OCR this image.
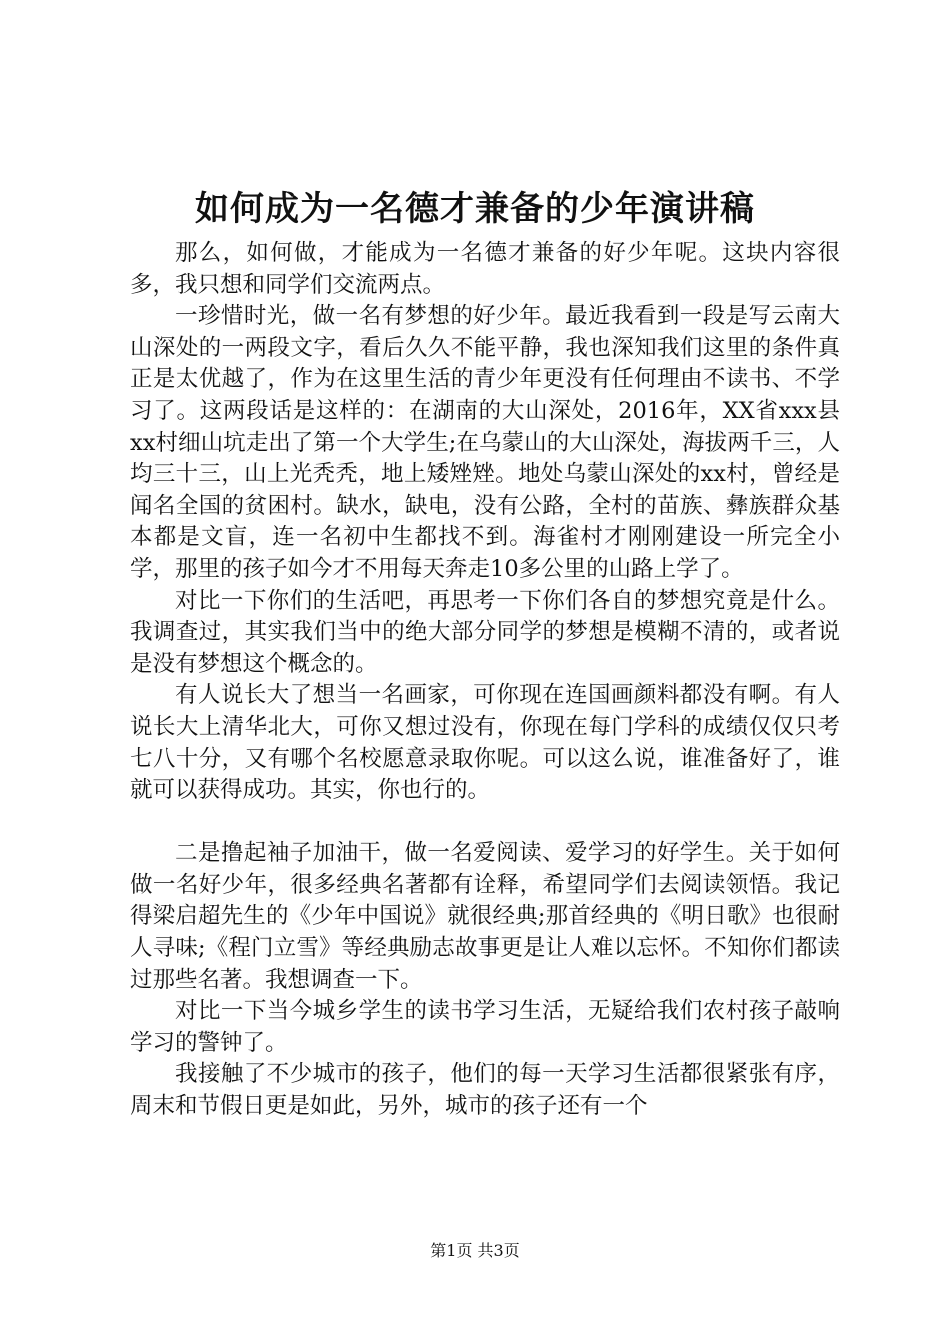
如何成为一名德才兼备的少年演讲稿

那么，如何做，才能成为一名德才兼备的好少年呢。这块内容很多，我只想和同学们交流两点。

一珍惜时光，做一名有梦想的好少年。最近我看到一段是写云南大山深处的一两段文字，看后久久不能平静，我也深知我们这里的条件真正是太优越了，作为在这里生活的青少年更没有任何理由不读书、不学习了。这两段话是这样的：在湖南的大山深处，2016年，XX省xxx县xx村细山坑走出了第一个大学生;在乌蒙山的大山深处，海拔两千三，人均三十三，山上光秃秃，地上矮矬矬。地处乌蒙山深处的xx村，曾经是闻名全国的贫困村。缺水，缺电，没有公路，全村的苗族、彝族群众基本都是文盲，连一名初中生都找不到。海雀村才刚刚建设一所完全小学，那里的孩子如今才不用每天奔走10多公里的山路上学了。

对比一下你们的生活吧，再思考一下你们各自的梦想究竟是什么。我调查过，其实我们当中的绝大部分同学的梦想是模糊不清的，或者说是没有梦想这个概念的。

有人说长大了想当一名画家，可你现在连国画颜料都没有啊。有人说长大上清华北大，可你又想过没有，你现在每门学科的成绩仅仅只考七八十分，又有哪个名校愿意录取你呢。可以这么说，谁准备好了，谁就可以获得成功。其实，你也行的。

二是撸起袖子加油干，做一名爱阅读、爱学习的好学生。关于如何做一名好少年，很多经典名著都有诠释，希望同学们去阅读领悟。我记得梁启超先生的《少年中国说》就很经典;那首经典的《明日歌》也很耐人寻味;《程门立雪》等经典励志故事更是让人难以忘怀。不知你们都读过那些名著。我想调查一下。

对比一下当今城乡学生的读书学习生活，无疑给我们农村孩子敲响学习的警钟了。

我接触了不少城市的孩子，他们的每一天学习生活都很紧张有序，周末和节假日更是如此，另外，城市的孩子还有一个

第1页 共3页
